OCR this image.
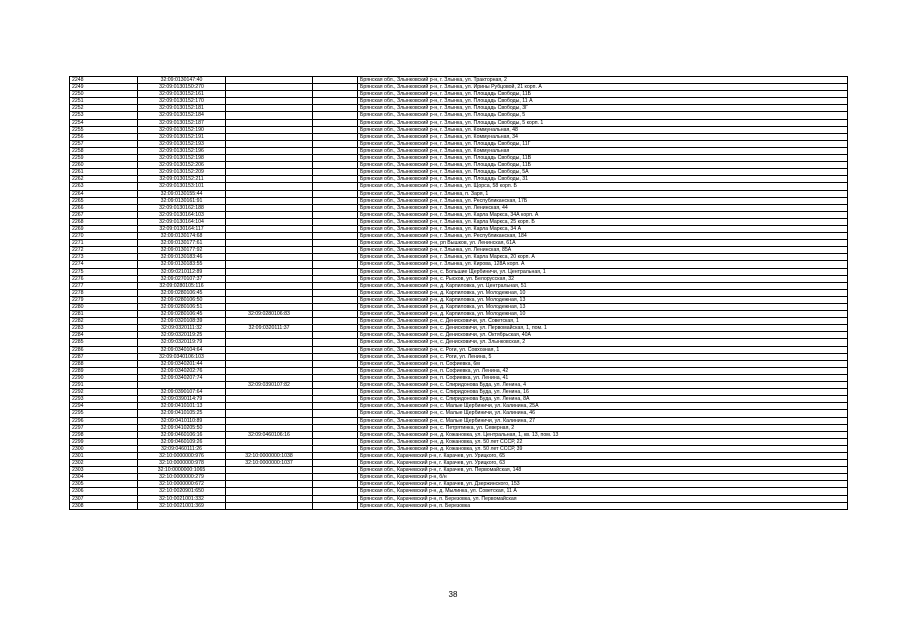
2248	32:09:0130147:40			Брянская обл., Злынковский р-н, г. Злынка, ул. Тракторная, 2
2249	32:09:0130150:270			Брянская обл., Злынковский р-н, г. Злынка, ул. Ирины Рубцовой, 21 корп. А
2250	32:09:0130152:161			Брянская обл., Злынковский р-н, г. Злынка, ул. Площадь Свободы, 11Б
2251	32:09:0130152:170			Брянская обл., Злынковский р-н, г. Злынка, ул. Площадь Свободы, 11 А
2252	32:09:0130152:181			Брянская обл., Злынковский р-н, г. Злынка, ул. Площадь Свободы, 3Г
2253	32:09:0130152:184			Брянская обл., Злынковский р-н, г. Злынка, ул. Площадь Свободы, 5
2254	32:09:0130152:187			Брянская обл., Злынковский р-н, г. Злынка, ул. Площадь Свободы, 5 корп. 1
2255	32:09:0130152:190			Брянская обл., Злынковский р-н, г. Злынка, ул. Коммунальная, 48
2256	32:09:0130152:191			Брянская обл., Злынковский р-н, г. Злынка, ул. Коммунальная, 34
2257	32:09:0130152:193			Брянская обл., Злынковский р-н, г. Злынка, ул. Площадь Свободы, 11Г
2258	32:09:0130152:196			Брянская обл., Злынковский р-н, г. Злынка, ул. Коммунальная
2259	32:09:0130152:198			Брянская обл., Злынковский р-н, г. Злынка, ул. Площадь Свободы, 11В
2260	32:09:0130152:206			Брянская обл., Злынковский р-н, г. Злынка, ул. Площадь Свободы, 11Б
2261	32:09:0130152:209			Брянская обл., Злынковский р-н, г. Злынка, ул. Площадь Свободы, 5А
2262	32:09:0130152:211			Брянская обл., Злынковский р-н, г. Злынка, ул. Площадь Свободы, 31
2263	32:09:0130153:101			Брянская обл., Злынковский р-н, г. Злынка, ул. Щорса, 58 корп. Б
2264	32:09:0130155:44			Брянская обл., Злынковский р-н, г. Злынка, п. Заря, 1
2265	32:09:0130161:91			Брянская обл., Злынковский р-н, г. Злынка, ул. Республиканская, 17Б
2266	32:09:0130162:188			Брянская обл., Злынковский р-н, г. Злынка, ул. Ленинская, 44
2267	32:09:0130164:103			Брянская обл., Злынковский р-н, г. Злынка, ул. Карла Маркса, 34А корп. А
2268	32:09:0130164:104			Брянская обл., Злынковский р-н, г. Злынка, ул. Карла Маркса, 25 корп. Б
2269	32:09:0130164:117			Брянская обл., Злынковский р-н, г. Злынка, ул. Карла Маркса, 34 А
2270	32:09:0130174:68			Брянская обл., Злынковский р-н, г. Злынка, ул. Республиканская, 184
2271	32:09:0130177:61			Брянская обл., Злынковский р-н, рп Вышков, ул. Ленинская, 61А
2272	32:09:0130177:92			Брянская обл., Злынковский р-н, г. Злынка, ул. Ленинская, 85А
2273	32:09:0130183:46			Брянская обл., Злынковский р-н, г. Злынка, ул. Карла Маркса, 20 корп. А
2274	32:09:0130183:55			Брянская обл., Злынковский р-н, г. Злынка, ул. Кирова, 128А корп. А
2275	32:09:0210112:89			Брянская обл., Злынковский р-н, с. Большие Щербиничи, ул. Центральная, 1
2276	32:09:0270107:37			Брянская обл., Злынковский р-н, с. Рысков, ул. Белорусская, 32
2277	32:09:0280105:116			Брянская обл., Злынковский р-н, д. Карпиловка, ул. Центральная, 51
2278	32:09:0280106:45			Брянская обл., Злынковский р-н, д. Карпиловка, ул. Молодежная, 10
2279	32:09:0280106:50			Брянская обл., Злынковский р-н, д. Карпиловка, ул. Молодежная, 13
2280	32:09:0280106:51			Брянская обл., Злынковский р-н, д. Карпиловка, ул. Молодежная, 13
2281	32:09:0280106:45	32:09:0280106:83		Брянская обл., Злынковский р-н, д. Карпиловка, ул. Молодежная, 10
2282	32:09:0320108:39			Брянская обл., Злынковский р-н, с. Денисковичи, ул. Советская, 1
2283	32:09:0320111:32	32:09:0320111:37		Брянская обл., Злынковский р-н, с. Денисковичи, ул. Первомайская, 1, пом. 1
2284	32:09:0320119:25			Брянская обл., Злынковский р-н, с. Денисковичи, ул. Октябрьская, 40А
2285	32:09:0320119:79			Брянская обл., Злынковский р-н, с. Денисковичи, ул. Злынковская, 2
2286	32:09:0340104:64			Брянская обл., Злынковский р-н, с. Роги, ул. Совхозная, 1
2287	32:09:0340106:103			Брянская обл., Злынковский р-н, с. Роги, ул. Ленина, 5
2288	32:09:0340201:44			Брянская обл., Злынковский р-н, п. Софиевка, 6м
2289	32:09:0340202:76			Брянская обл., Злынковский р-н, п. Софиевка, ул. Ленина, 42
2290	32:09:0340207:74			Брянская обл., Злынковский р-н, п. Софиевка, ул. Ленина, 41
2291		32:09:0390107:82		Брянская обл., Злынковский р-н, с. Спиридонова Буда, ул. Ленина, 4
2292	32:09:0390107:64			Брянская обл., Злынковский р-н, с. Спиридонова Буда, ул. Ленина, 16
2293	32:09:0390114:79			Брянская обл., Злынковский р-н, с. Спиридонова Буда, ул. Ленина, 8А
2294	32:09:0410101:13			Брянская обл., Злынковский р-н, с. Малые Щербиничи, ул. Калинина, 25А
2295	32:09:0410105:25			Брянская обл., Злынковский р-н, с. Малые Щербиничи, ул. Калинина, 46
2296	32:09:0410110:89			Брянская обл., Злынковский р-н, с. Малые Щербиничи, ул. Калинина, 27
2297	32:09:0410205:50			Брянская обл., Злынковский р-н, с. Петрятинка, ул. Северная, 2
2298	32:09:0460106:16	32:09:0460106:16		Брянская обл., Злынковский р-н, д. Кожановка, ул. Центральная, 1, кв. 13, пом. 13
2299	32:09:0460109:26			Брянская обл., Злынковский р-н, д. Кожановка, ул. 50 лет СССР, 22
2300	32:09:0460111:26			Брянская обл., Злынковский р-н, д. Кожановка, ул. 50 лет СССР, 39
2301	32:10:0000000:976	32:10:0000000:1038		Брянская обл., Карачевский р-н, г. Карачев, ул. Урицкого, 65
2302	32:10:0000000:978	32:10:0000000:1037		Брянская обл., Карачевский р-н, г. Карачев, ул. Урицкого, 63
2303	32:10:0000000:1065			Брянская обл., Карачевский р-н, г. Карачев, ул. Первомайская, 148
2304	32:10:0000000:279			Брянская обл., Карачевский р-н, б/н
2305	32:10:0000000:672			Брянская обл., Карачевский р-н, г. Карачев, ул. Дзержинского, 153
2306	32:10:0020901:650			Брянская обл., Карачевский р-н, д. Мылинка, ул. Советская, 11 А
2307	32:10:0021001:332			Брянская обл., Карачевский р-н, п. Березовка, ул. Первомайская
2308	32:10:0021001:369			Брянская обл., Карачевский р-н, п. Березовка
38
